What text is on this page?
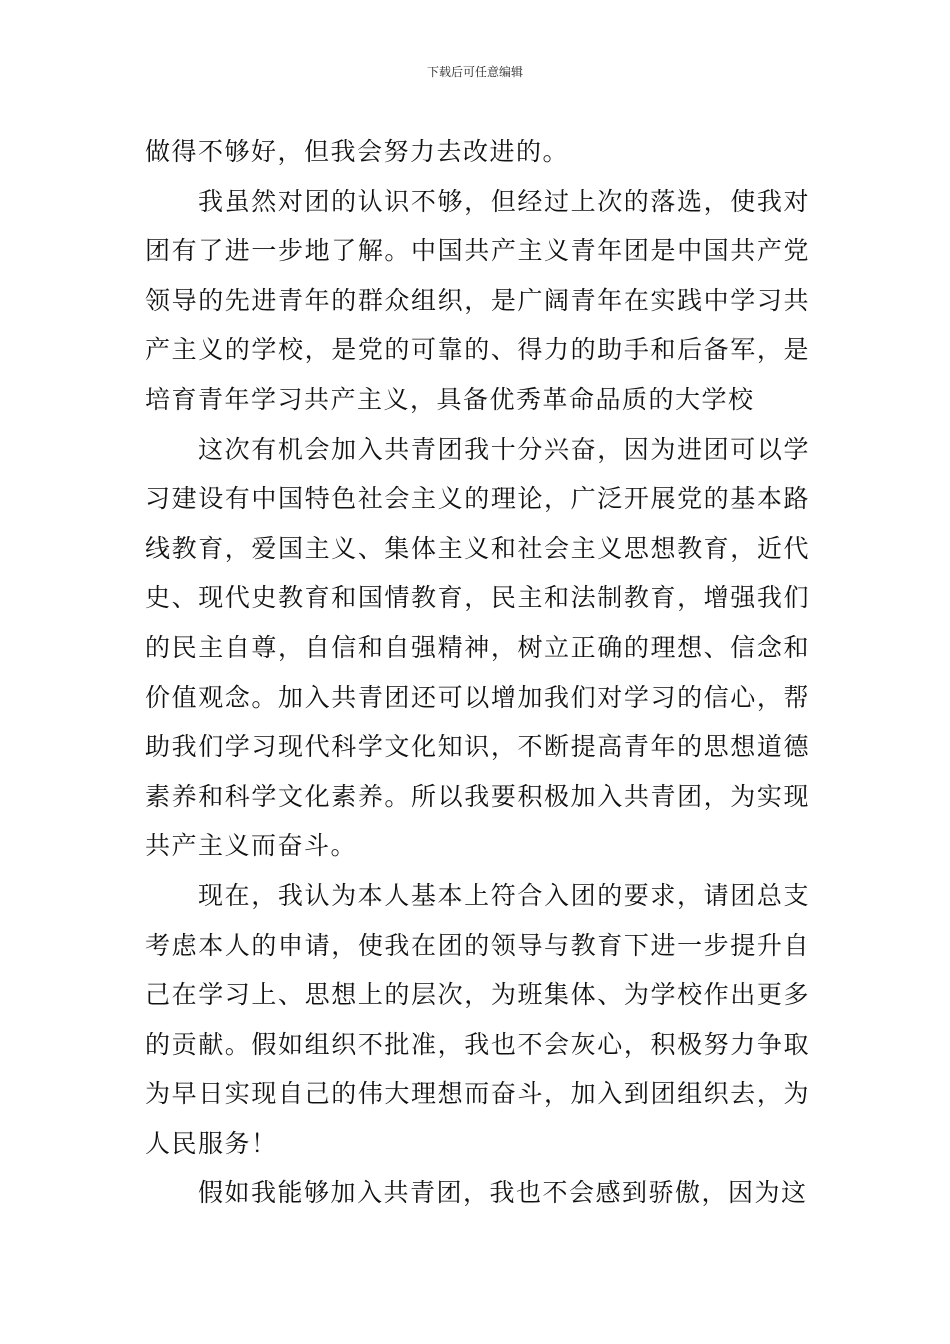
下载后可任意编辑

做得不够好，但我会努力去改进的。

我虽然对团的认识不够，但经过上次的落选，使我对团有了进一步地了解。中国共产主义青年团是中国共产党领导的先进青年的群众组织，是广阔青年在实践中学习共产主义的学校，是党的可靠的、得力的助手和后备军，是培育青年学习共产主义，具备优秀革命品质的大学校

这次有机会加入共青团我十分兴奋，因为进团可以学习建设有中国特色社会主义的理论，广泛开展党的基本路线教育，爱国主义、集体主义和社会主义思想教育，近代史、现代史教育和国情教育，民主和法制教育，增强我们的民主自尊，自信和自强精神，树立正确的理想、信念和价值观念。加入共青团还可以增加我们对学习的信心，帮助我们学习现代科学文化知识，不断提高青年的思想道德素养和科学文化素养。所以我要积极加入共青团，为实现共产主义而奋斗。

现在，我认为本人基本上符合入团的要求，请团总支考虑本人的申请，使我在团的领导与教育下进一步提升自己在学习上、思想上的层次，为班集体、为学校作出更多的贡献。假如组织不批准，我也不会灰心，积极努力争取为早日实现自己的伟大理想而奋斗，加入到团组织去，为人民服务！

假如我能够加入共青团，我也不会感到骄傲，因为这
